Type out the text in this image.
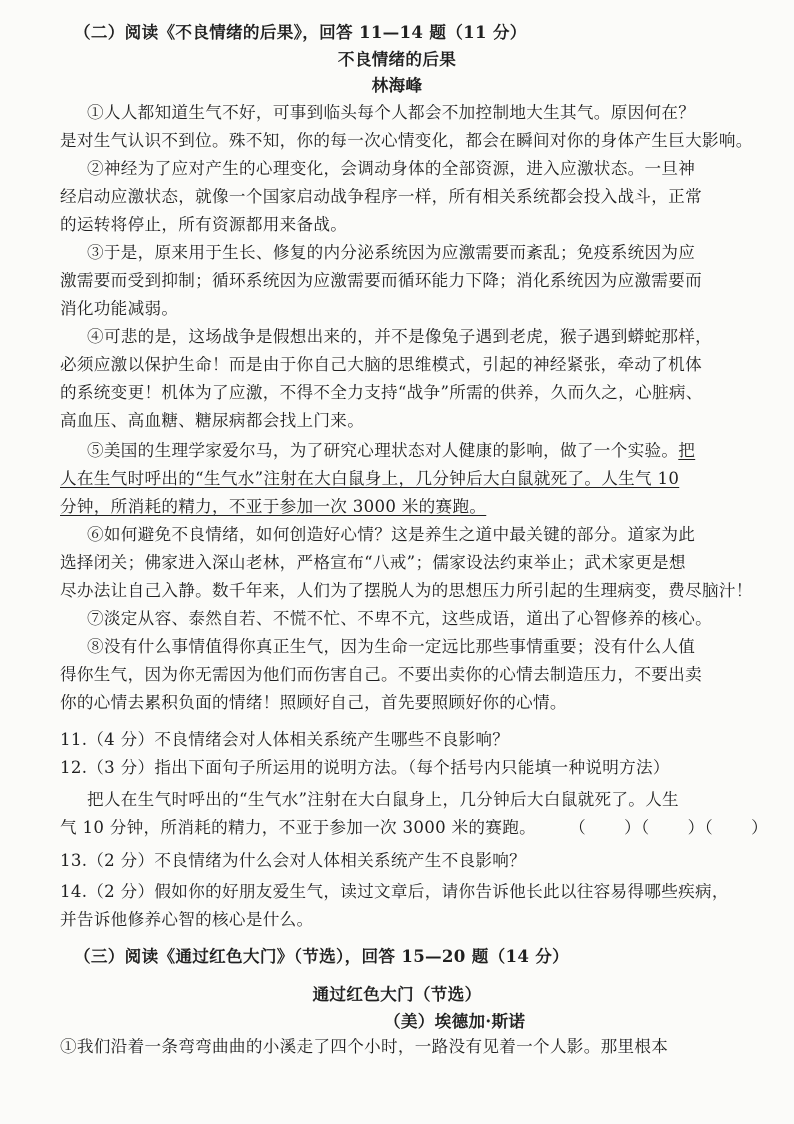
（二）阅读《不良情绪的后果》，回答 11—14 题（11 分）
不良情绪的后果
林海峰
①人人都知道生气不好，可事到临头每个人都会不加控制地大生其气。原因何在？
是对生气认识不到位。殊不知，你的每一次心情变化，都会在瞬间对你的身体产生巨大影响。
②神经为了应对产生的心理变化，会调动身体的全部资源，进入应激状态。一旦神
经启动应激状态，就像一个国家启动战争程序一样，所有相关系统都会投入战斗，正常
的运转将停止，所有资源都用来备战。
③于是，原来用于生长、修复的内分泌系统因为应激需要而紊乱；免疫系统因为应
激需要而受到抑制；循环系统因为应激需要而循环能力下降；消化系统因为应激需要而
消化功能减弱。
④可悲的是，这场战争是假想出来的，并不是像兔子遇到老虎，猴子遇到蟒蛇那样，
必须应激以保护生命！而是由于你自己大脑的思维模式，引起的神经紧张，牵动了机体
的系统变更！机体为了应激，不得不全力支持“战争”所需的供养，久而久之，心脏病、
高血压、高血糖、糖尿病都会找上门来。
⑤美国的生理学家爱尔马，为了研究心理状态对人健康的影响，做了一个实验。把
人在生气时呼出的“生气水”注射在大白鼠身上，几分钟后大白鼠就死了。人生气 10
分钟，所消耗的精力，不亚于参加一次 3000 米的赛跑。
⑥如何避免不良情绪，如何创造好心情？这是养生之道中最关键的部分。道家为此
选择闭关；佛家进入深山老林，严格宣布“八戒”；儒家设法约束举止；武术家更是想
尽办法让自己入静。数千年来，人们为了摆脱人为的思想压力所引起的生理病变，费尽脑汁！
⑦淡定从容、泰然自若、不慌不忙、不卑不亢，这些成语，道出了心智修养的核心。
⑧没有什么事情值得你真正生气，因为生命一定远比那些事情重要；没有什么人值
得你生气，因为你无需因为他们而伤害自己。不要出卖你的心情去制造压力，不要出卖
你的心情去累积负面的情绪！照顾好自己，首先要照顾好你的心情。
11.（4 分）不良情绪会对人体相关系统产生哪些不良影响？
12.（3 分）指出下面句子所运用的说明方法。（每个括号内只能填一种说明方法）
把人在生气时呼出的“生气水”注射在大白鼠身上，几分钟后大白鼠就死了。人生
气 10 分钟，所消耗的精力，不亚于参加一次 3000 米的赛跑。 （ ）（ ）（ ）
13.（2 分）不良情绪为什么会对人体相关系统产生不良影响？
14.（2 分）假如你的好朋友爱生气，读过文章后，请你告诉他长此以往容易得哪些疾病，
并告诉他修养心智的核心是什么。
（三）阅读《通过红色大门》（节选），回答 15—20 题（14 分）
通过红色大门（节选）
（美）埃德加·斯诺
①我们沿着一条弯弯曲曲的小溪走了四个小时，一路没有见着一个人影。那里根本
